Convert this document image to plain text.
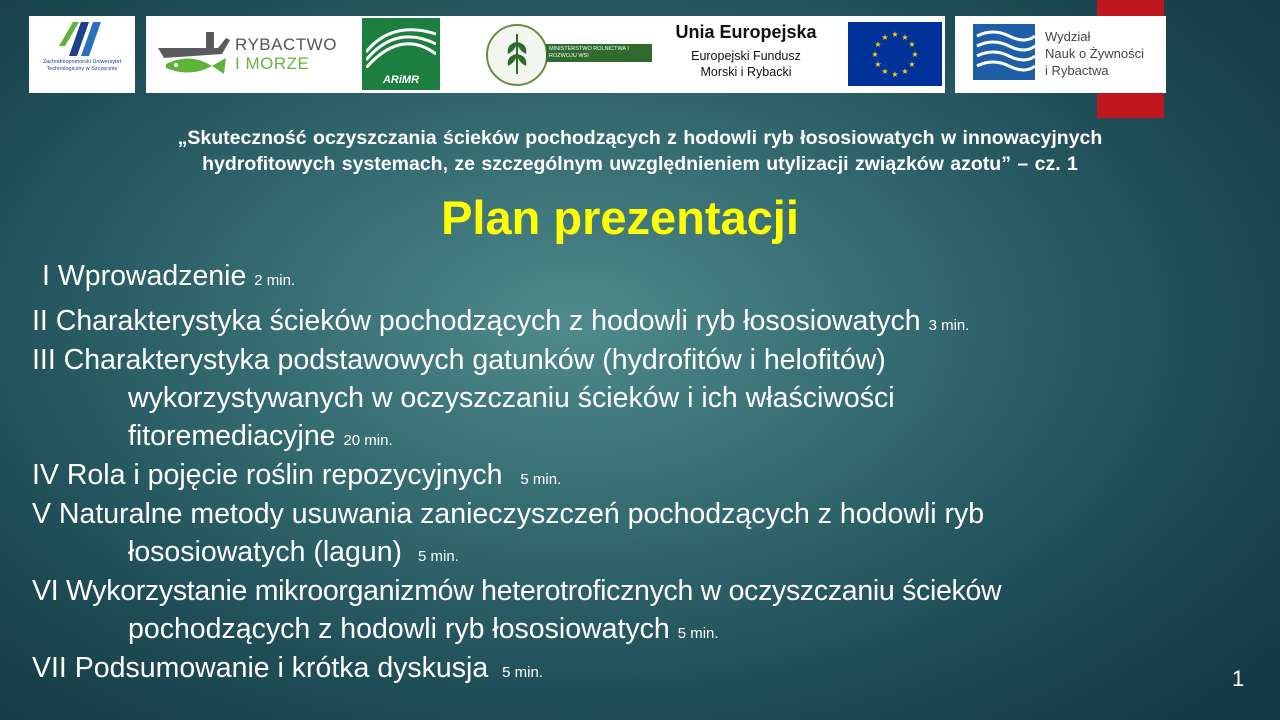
Zachodniopomorski Uniwersytet Technologiczny w Szczecinie
RYBACTWO
I MORZE
ARiMR
MINISTERSTWO ROLNICTWA I ROZWOJU WSI
Unia Europejska
Europejski Fundusz
Morski i Rybacki
★ ★
★
★
★
★
★
★
★
★
★
★	Wydział
Nauk o Żywności
i Rybactwa
„Skuteczność oczyszczania ścieków pochodzących z hodowli ryb łososiowatych w innowacyjnych
hydrofitowych systemach, ze szczególnym uwzględnieniem utylizacji związków azotu” – cz. 1
Plan prezentacji
I Wprowadzenie 2 min.
II Charakterystyka ścieków pochodzących z hodowli ryb łososiowatych 3 min.
III Charakterystyka podstawowych gatunków (hydrofitów i helofitów)
wykorzystywanych w oczyszczaniu ścieków i ich właściwości
fitoremediacyjne 20 min.
IV Rola i pojęcie roślin repozycyjnych 5 min.
V Naturalne metody usuwania zanieczyszczeń pochodzących z hodowli ryb
łososiowatych (lagun) 5 min.
VI Wykorzystanie mikroorganizmów heterotroficznych w oczyszczaniu ścieków
pochodzących z hodowli ryb łososiowatych 5 min.
VII Podsumowanie i krótka dyskusja 5 min.	1
